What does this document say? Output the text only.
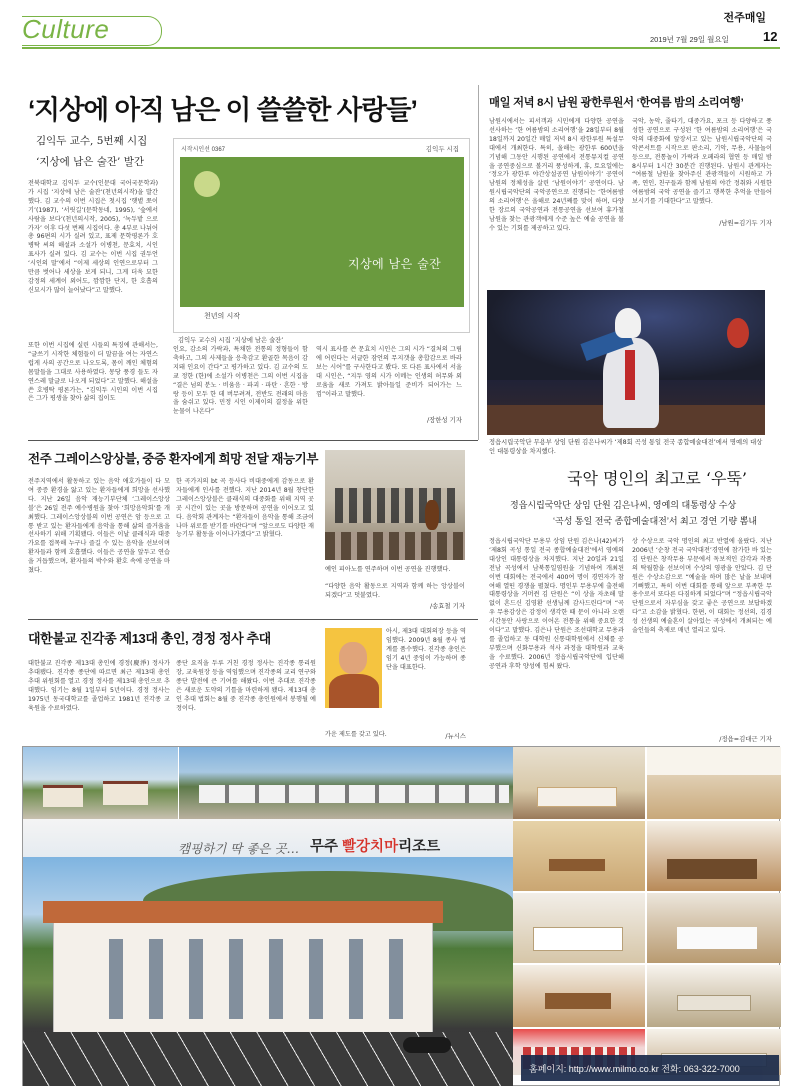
Culture	전주매일
2019년 7월 29일 월요일	12
‘지상에 아직 남은 이 쓸쓸한 사랑들’
김익두 교수, 5번째 시집
‘지상에 남은 술잔’ 발간
전북대학교 김익두 교수(인문대 국어국문학과)가 시집 ‘지상에 남은 술잔’(천년의시작)을 발간했다. 김 교수의 이번 시집은 첫시집 ‘햇볕 쪼이기’(1987), ‘서릿길’(문학동네, 1995), ‘숲에서 사람을 보다’(천년의시작, 2005), ‘녹두밭 으로 가자’ 이후 다섯 번째 시집이다. 총 4부로 나뉘어 총 96편의 시가 실려 있고, 표제 문학평론가 호병탁 씨의 해설과 소설가 이병천, 문효치, 시인 표사가 실려 있다. 김 교수는 이번 시집 권두언 ‘시인의 말’에서 “이제 세상의 인연으로부터 그만큼 벗어나 세상을 보게 되니, 그게 더욱 묘한 감정의 세계이 외어도, 깜깜한 단지, 한 호흡의 신묘시가 많이 늘어났다”고 말했다.
또한 이번 시집에 실린 시들의 특징에 관해서는, “글쓰기 시작한 체험들이 더 말끔을 여는 자연스럽게 사의 공간으로 나오도록, 몸이 깨인 체험의 몸말들을 그대로 사용하였다. 몽당 풍경 들도 자연스레 말글로 나오게 되었다”고 말했다. 해설을 쓴 호병탁 평론가는, “김익두 시인의 이번 시집은 그가 평생을 찾아 삶의 집이도
시작시인선 0367	김익두 시집
지상에 남은 술잔
천년의 시작
김익두 교수의 시집 ‘지상에 남은 술잔’
인요, 감소의 가락과, 특채한 전통의 정형들이 함축하고, 그의 사제들을 응축감고 환골한 목음이 감지돼 인요이 간다”고 평가하고 있다. 김 교수의 도쿄 정한 (한)에 소설가 이병천은 그의 이번 시집을 “결은 넘의 분노 · 비움음 · 파괴 · 파탄 · 흔한 · 방랑 등이 모두 한 데 버무려져, 전반도 전래의 마음을 숨쉬고 있다. 민정 시인 이제이의 결정을 위한 눈물이 나온다”
역시 표사를 쓴 문효치 시인은 그의 시가 “결처의 그림에 어린다는 서글한 잠언의 무지갯을 총합감으로 바라보는 시어”를 구사한다고 봤다. 또 다른 표사에서 서울대 시인은, “지두 영의 시가 이메는 인생의 허무와 외로움을 새로 가져도 밝아들일 준비가 되어가는 느낌”이라고 말했다.
/장한성 기자
매일 저녁 8시 남원 광한루원서 ‘한여름 밤의 소리여행’
남원시에서는 피서객과 시민에게 다양한 공연을 선사하는 ‘한 여름밤의 소리여행’을 28일부터 8월 18일까지 20일간 매일 저녁 8시 광한루원 특설무대에서 개최한다. 특히, 올해는 광한루 600년을 기념해 그동안 시행된 공연에서 전통뮤지컬 공연을 공연중심으로 볼거리 풍성하게, 휴, 토요일에는 ‘정오가 광한루 야간상설공연 남원이야기’ 공연이 남원의 정체성을 살린 ‘남원이야기’ 공연이다. 남원시립국악단의 국악공연으로 진행되는 ‘한여름밤의 소리여행’은 올해로 24년째를 맞이 하며, 다양한 장르의 국악공연과 전통공연을 선보여 휴가철 남원을 찾는 관광객에게 수준 높은 예술 공연을 볼 수 있는 기회를 제공하고 있다.
국악, 농악, 줄타기, 대중가요, 포크 등 다양하고 풍성한 공연으로 구성된 ‘한 여름밤의 소리여행’은 국악의 대중화에 앞장서고 있는 남원시립국악단의 국악콘서트를 시작으로 판소리, 기악, 무용, 사물놀이 등으로, 전통놀이 가락과 오페라의 협연 등 매일 밤 8시부터 1시간 30분간 진행된다. 남원시 관계자는 “여름철 남원을 찾아주신 관광객들이 시원하고 가족, 연인, 친구들과 함께 남원의 야간 정취와 시원한 여름밤의 국악 공연을 즐기고 행복한 추억을 만들어 보시기를 기대한다”고 말했다.
/남원=김기두 기자
정읍시립국악단 무용부 상임 단원 김은나씨가 ‘제8회 곡성 통일 전국 종합예술대전’에서 명예의 대상인 대통령상을 차지했다.
국악 명인의 최고로 ‘우뚝’
정읍시립국악단 상임 단원 김은나씨, 영예의 대통령상 수상
‘곡성 통일 전국 종합예술대전’서 최고 경연 기량 뽐내
정읍시립국악단 무용부 상임 단원 김은나(42)씨가 ‘제8회 곡성 통일 전국 종합예술대전’에서 영예의 대상인 대통령상을 차지했다. 지난 20일과 21일 전남 곡성에서 남북통일염원을 기념하여 개최된 이번 대회에는 전국에서 400여 명이 경연자가 참여해 열띤 경쟁을 펼쳤다. 명인부 무용부에 출전해 대통령상을 거머쥔 김 단원은 “이 상을 자초해 말 없이 흔드신 김영환 선생님께 감사드린다”며 “곡우 무용감상은 감정이 생각한 때 문이 아니라 오랜 시간동안 사랑으로 이어온 전통을 위해 중요한 것이다”고 말했다. 김은나 단원은 조선대학교 무용과를 졸업하고 동 대학원 신통대학원에서 신체를 공부했으며 신화무용과 석사 과정을 대학원과 교육을 수료했다. 2006년 정읍시립국악단에 입단해 공연과 후학 양성에 힘써 왔다.
상 수상으로 국악 명인의 최고 반열에 올랐다. 지난 2006년 ‘순창 전국 국악대전’경연에 참가한 바 있는 김 단원은 창작무용 부문에서 독보적인 감각과 작품의 탁월함을 선보이며 수상의 영광을 안았다. 김 단원은 수상소감으로 “예술을 하며 많은 날을 보내며 기뻐했고, 특히 이번 대회를 통해 앞으로 부족한 무용수로서 또다른 다짐하게 되었다”며 “정읍시립국악단원으로서 자부심을 갖고 좋은 공연으로 보답하겠다”고 소감을 밝혔다. 한편, 이 대회는 정선의, 김경성 선생의 예술혼이 살아있는 곡성에서 개최되는 예술인들의 축제로 매년 열리고 있다.
/정읍=김대근 기자
전주 그레이스앙상블, 중증 환자에게 희망 전달 재능기부
전주지역에서 활동하고 있는 음악 애호가들이 다 모여 중증 환경을 앓고 있는 환자들에게 희망을 선사했다. 지난 26일 음악 재능기부단체 ‘그레이스앙상블’은 26일 전주 예수병원을 찾아 ‘희망음악회’를 개최했다. 그레이스앙상블의 이번 공연은 암 등으로 고통 받고 있는 환자들에게 음악을 통해 삶의 즐거움을 선사하기 위해 기획됐다. 이들은 이날 클래식과 대중가요를 접목해 누구나 즐길 수 있는 음악을 선보이며 환자들과 함께 호흡했다. 이들은 공연을 앞두고 연습을 거듭했으며, 환자들의 박수와 환호 속에 공연을 마쳤다.
한 곡가지의 bt 곡 등사다 비대중에게 감동으로 환자들에게 인사를 전했다. 지난 2014년 8월 창단한 그레이스앙상블은 클래식의 대중화를 위해 지역 곳곳 시간이 있는 곳을 방문하며 공연을 이어오고 있다. 음악회 관계자는 “환자들이 음악을 통해 조금이나마 위로를 받기를 바란다”며 “앞으로도 다양한 재능기부 활동을 이어나가겠다”고 밝혔다.
예인 피아노를 연주하며 이번 공연을 진행했다.
“다양한 음악 활동으로 지역과 함께 하는 앙상블이 되겠다”고 덧붙였다.
/송효철 기자
대한불교 진각종 제13대 총인, 경정 정사 추대
대한불교 진각종 제13대 총인에 경정(慶淨) 정사가 추대됐다. 진각종 종단에 따르면 최근 제13대 총인 추대 위원회를 열고 경정 정사를 제13대 총인으로 추대했다. 임기는 8월 1일부터 5년이다. 경정 정사는 1975년 동국대학교를 졸업하고 1981년 진각종 교육원을 수료하였다.
종단 요직을 두루 거친 경정 정사는 진각종 통리원장, 교육원장 등을 역임했으며 진각종의 교리 연구와 종단 발전에 큰 기여를 해왔다. 이번 추대로 진각종은 새로운 도약의 기틀을 마련하게 됐다. 제13대 총인 추대 법회는 8월 중 진각종 총인원에서 봉행될 예정이다.
아시, 제3대 대회의장 등을 역임했다. 2009년 8월 종사 법계를 품수했다. 진각종 총인은 임기 4년 중임이 가능하며 종단을 대표한다.
가운 제도를 갖고 있다.	/뉴시스
캠핑하기 딱 좋은 곳… 무주 빨강치마리조트
홈페이지: http://www.milmo.co.kr 전화: 063-322-7000
